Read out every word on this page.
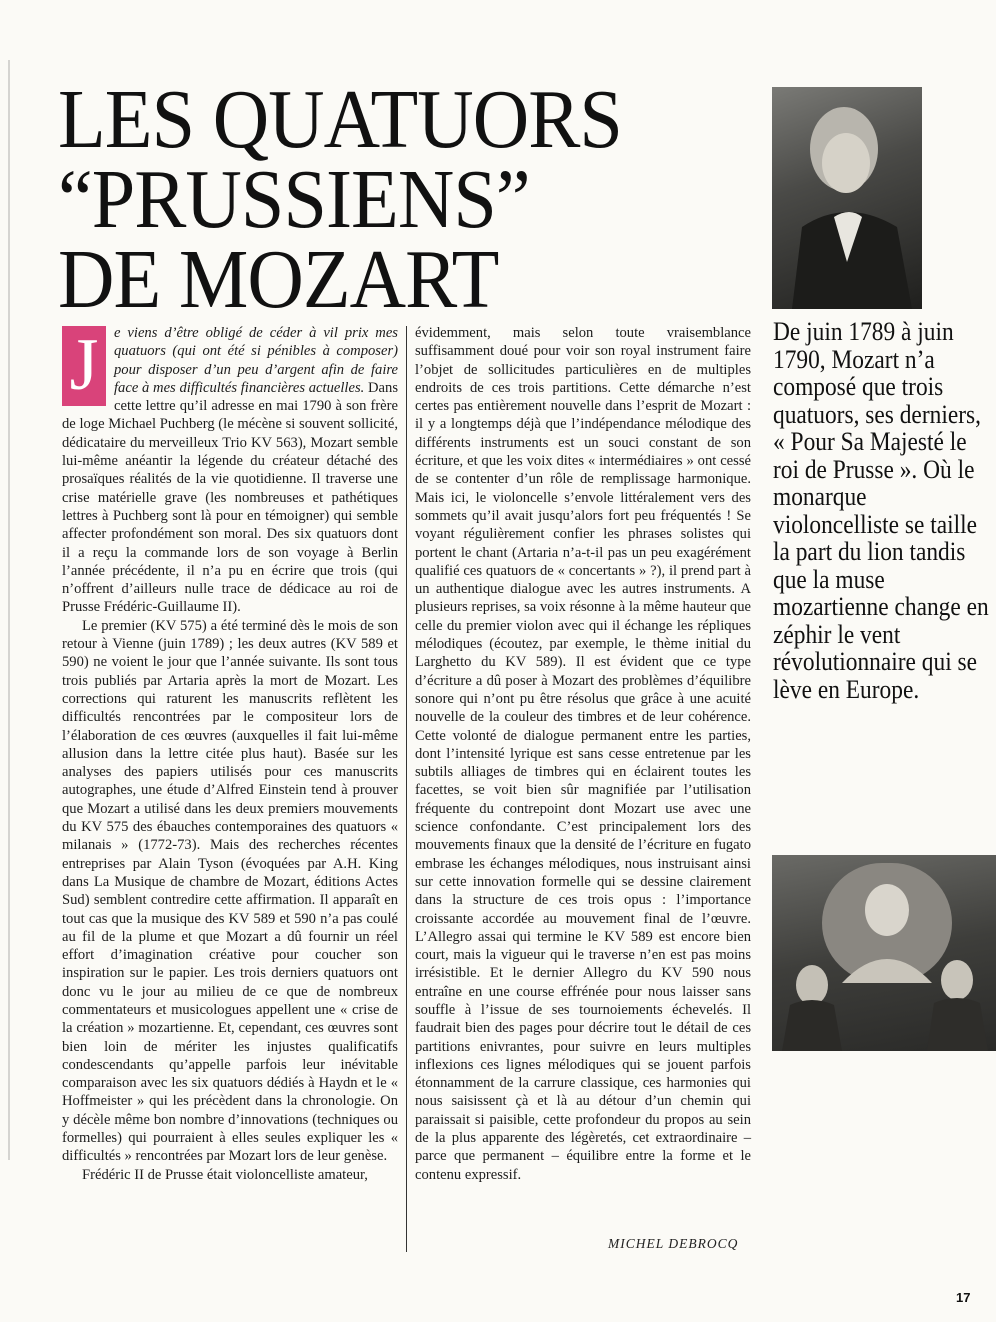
LES QUATUORS
“PRUSSIENS”
DE MOZART
De juin 1789 à juin 1790, Mozart n’a composé que trois quatuors, ses derniers, « Pour Sa Majesté le roi de Prusse ». Où le monarque violoncelliste se taille la part du lion tandis que la muse mozartienne change en zéphir le vent révolutionnaire qui se lève en Europe.

J	e viens d’être obligé de céder à vil prix mes quatuors (qui ont été si pénibles à composer) pour disposer d’un peu d’argent afin de faire face à mes difficultés financières actuelles. Dans cette lettre qu’il adresse en mai 1790 à son frère de loge Michael Puchberg (le mécène si souvent sollicité, dédicataire du merveilleux Trio KV 563), Mozart semble lui-même anéantir la légende du créateur détaché des prosaïques réalités de la vie quotidienne. Il traverse une crise matérielle grave (les nombreuses et pathétiques lettres à Puchberg sont là pour en témoigner) qui semble affecter profondément son moral. Des six quatuors dont il a reçu la commande lors de son voyage à Berlin l’année précédente, il n’a pu en écrire que trois (qui n’offrent d’ailleurs nulle trace de dédicace au roi de Prusse Frédéric-Guillaume II).

Le premier (KV 575) a été terminé dès le mois de son retour à Vienne (juin 1789) ; les deux autres (KV 589 et 590) ne voient le jour que l’année suivante. Ils sont tous trois publiés par Artaria après la mort de Mozart. Les corrections qui raturent les manuscrits reflètent les difficultés rencontrées par le compositeur lors de l’élaboration de ces œuvres (auxquelles il fait lui-même allusion dans la lettre citée plus haut). Basée sur les analyses des papiers utilisés pour ces manuscrits autographes, une étude d’Alfred Einstein tend à prouver que Mozart a utilisé dans les deux premiers mouvements du KV 575 des ébauches contemporaines des quatuors « milanais » (1772-73). Mais des recherches récentes entreprises par Alain Tyson (évoquées par A.H. King dans La Musique de chambre de Mozart, éditions Actes Sud) semblent contredire cette affirmation. Il apparaît en tout cas que la musique des KV 589 et 590 n’a pas coulé au fil de la plume et que Mozart a dû fournir un réel effort d’imagination créative pour coucher son inspiration sur le papier. Les trois derniers quatuors ont donc vu le jour au milieu de ce que de nombreux commentateurs et musicologues appellent une « crise de la création » mozartienne. Et, cependant, ces œuvres sont bien loin de mériter les injustes qualificatifs condescendants qu’appelle parfois leur inévitable comparaison avec les six quatuors dédiés à Haydn et le « Hoffmeister » qui les précèdent dans la chronologie. On y décèle même bon nombre d’innovations (techniques ou formelles) qui pourraient à elles seules expliquer les « difficultés » rencontrées par Mozart lors de leur genèse.

Frédéric II de Prusse était violoncelliste amateur,

évidemment, mais selon toute vraisemblance suffisamment doué pour voir son royal instrument faire l’objet de sollicitudes particulières en de multiples endroits de ces trois partitions. Cette démarche n’est certes pas entièrement nouvelle dans l’esprit de Mozart : il y a longtemps déjà que l’indépendance mélodique des différents instruments est un souci constant de son écriture, et que les voix dites « intermédiaires » ont cessé de se contenter d’un rôle de remplissage harmonique. Mais ici, le violoncelle s’envole littéralement vers des sommets qu’il avait jusqu’alors fort peu fréquentés ! Se voyant régulièrement confier les phrases solistes qui portent le chant (Artaria n’a-t-il pas un peu exagérément qualifié ces quatuors de « concertants » ?), il prend part à un authentique dialogue avec les autres instruments. A plusieurs reprises, sa voix résonne à la même hauteur que celle du premier violon avec qui il échange les répliques mélodiques (écoutez, par exemple, le thème initial du Larghetto du KV 589). Il est évident que ce type d’écriture a dû poser à Mozart des problèmes d’équilibre sonore qui n’ont pu être résolus que grâce à une acuité nouvelle de la couleur des timbres et de leur cohérence. Cette volonté de dialogue permanent entre les parties, dont l’intensité lyrique est sans cesse entretenue par les subtils alliages de timbres qui en éclairent toutes les facettes, se voit bien sûr magnifiée par l’utilisation fréquente du contrepoint dont Mozart use avec une science confondante. C’est principalement lors des mouvements finaux que la densité de l’écriture en fugato embrase les échanges mélodiques, nous instruisant ainsi sur cette innovation formelle qui se dessine clairement dans la structure de ces trois opus : l’importance croissante accordée au mouvement final de l’œuvre. L’Allegro assai qui termine le KV 589 est encore bien court, mais la vigueur qui le traverse n’en est pas moins irrésistible. Et le dernier Allegro du KV 590 nous entraîne en une course effrénée pour nous laisser sans souffle à l’issue de ses tournoiements échevelés. Il faudrait bien des pages pour décrire tout le détail de ces partitions enivrantes, pour suivre en leurs multiples inflexions ces lignes mélodiques qui se jouent parfois étonnamment de la carrure classique, ces harmonies qui nous saisissent çà et là au détour d’un chemin qui paraissait si paisible, cette profondeur du propos au sein de la plus apparente des légèretés, cet extraordinaire – parce que permanent – équilibre entre la forme et le contenu expressif.

MICHEL DEBROCQ
17
